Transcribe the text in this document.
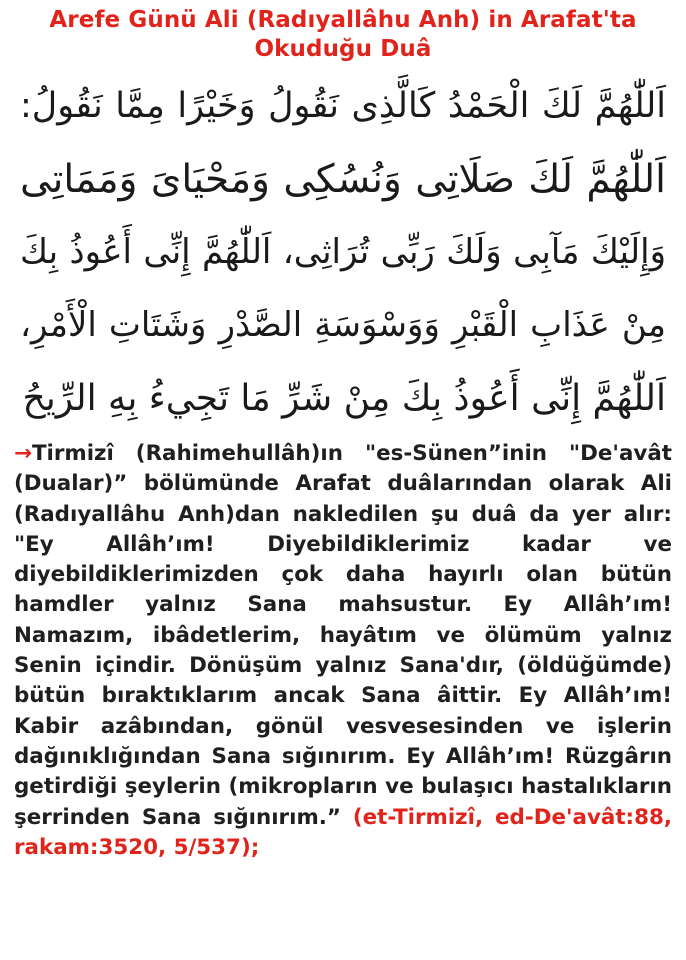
Arefe Günü Ali (Radıyallâhu Anh) in Arafat'ta
Okuduğu Duâ
اَللّٰهُمَّ لَكَ الْحَمْدُ كَالَّذِى نَقُولُ وَخَيْرًا مِمَّا نَقُولُ:
اَللّٰهُمَّ لَكَ صَلَاتِى وَنُسُكِى وَمَحْيَاىَ وَمَمَاتِى
وَإِلَيْكَ مَآبِى وَلَكَ رَبِّى تُرَاثِى، اَللّٰهُمَّ إِنِّى أَعُوذُ بِكَ
مِنْ عَذَابِ الْقَبْرِ وَوَسْوَسَةِ الصَّدْرِ وَشَتَاتِ الْأَمْرِ،
اَللّٰهُمَّ إِنِّى أَعُوذُ بِكَ مِنْ شَرِّ مَا تَجِيءُ بِهِ الرِّيحُ
→Tirmizî (Rahimehullâh)ın "es-Sünen”inin "De'avât (Dualar)” bölümünde Arafat duâlarından olarak Ali (Radıyallâhu Anh)dan nakledilen şu duâ da yer alır: "Ey Allâh’ım! Diyebildiklerimiz kadar ve diyebildiklerimizden çok daha hayırlı olan bütün hamdler yalnız Sana mahsustur. Ey Allâh’ım! Namazım, ibâdetlerim, hayâtım ve ölümüm yalnız Senin içindir. Dönüşüm yalnız Sana'dır, (öldüğümde) bütün bıraktıklarım ancak Sana âittir. Ey Allâh’ım! Kabir azâbından, gönül vesvesesinden ve işlerin dağınıklığından Sana sığınırım. Ey Allâh’ım! Rüzgârın getirdiği şeylerin (mikropların ve bulaşıcı hastalıkların şerrinden Sana sığınırım.” (et-Tirmizî, ed-De'avât:88, rakam:3520, 5/537);
